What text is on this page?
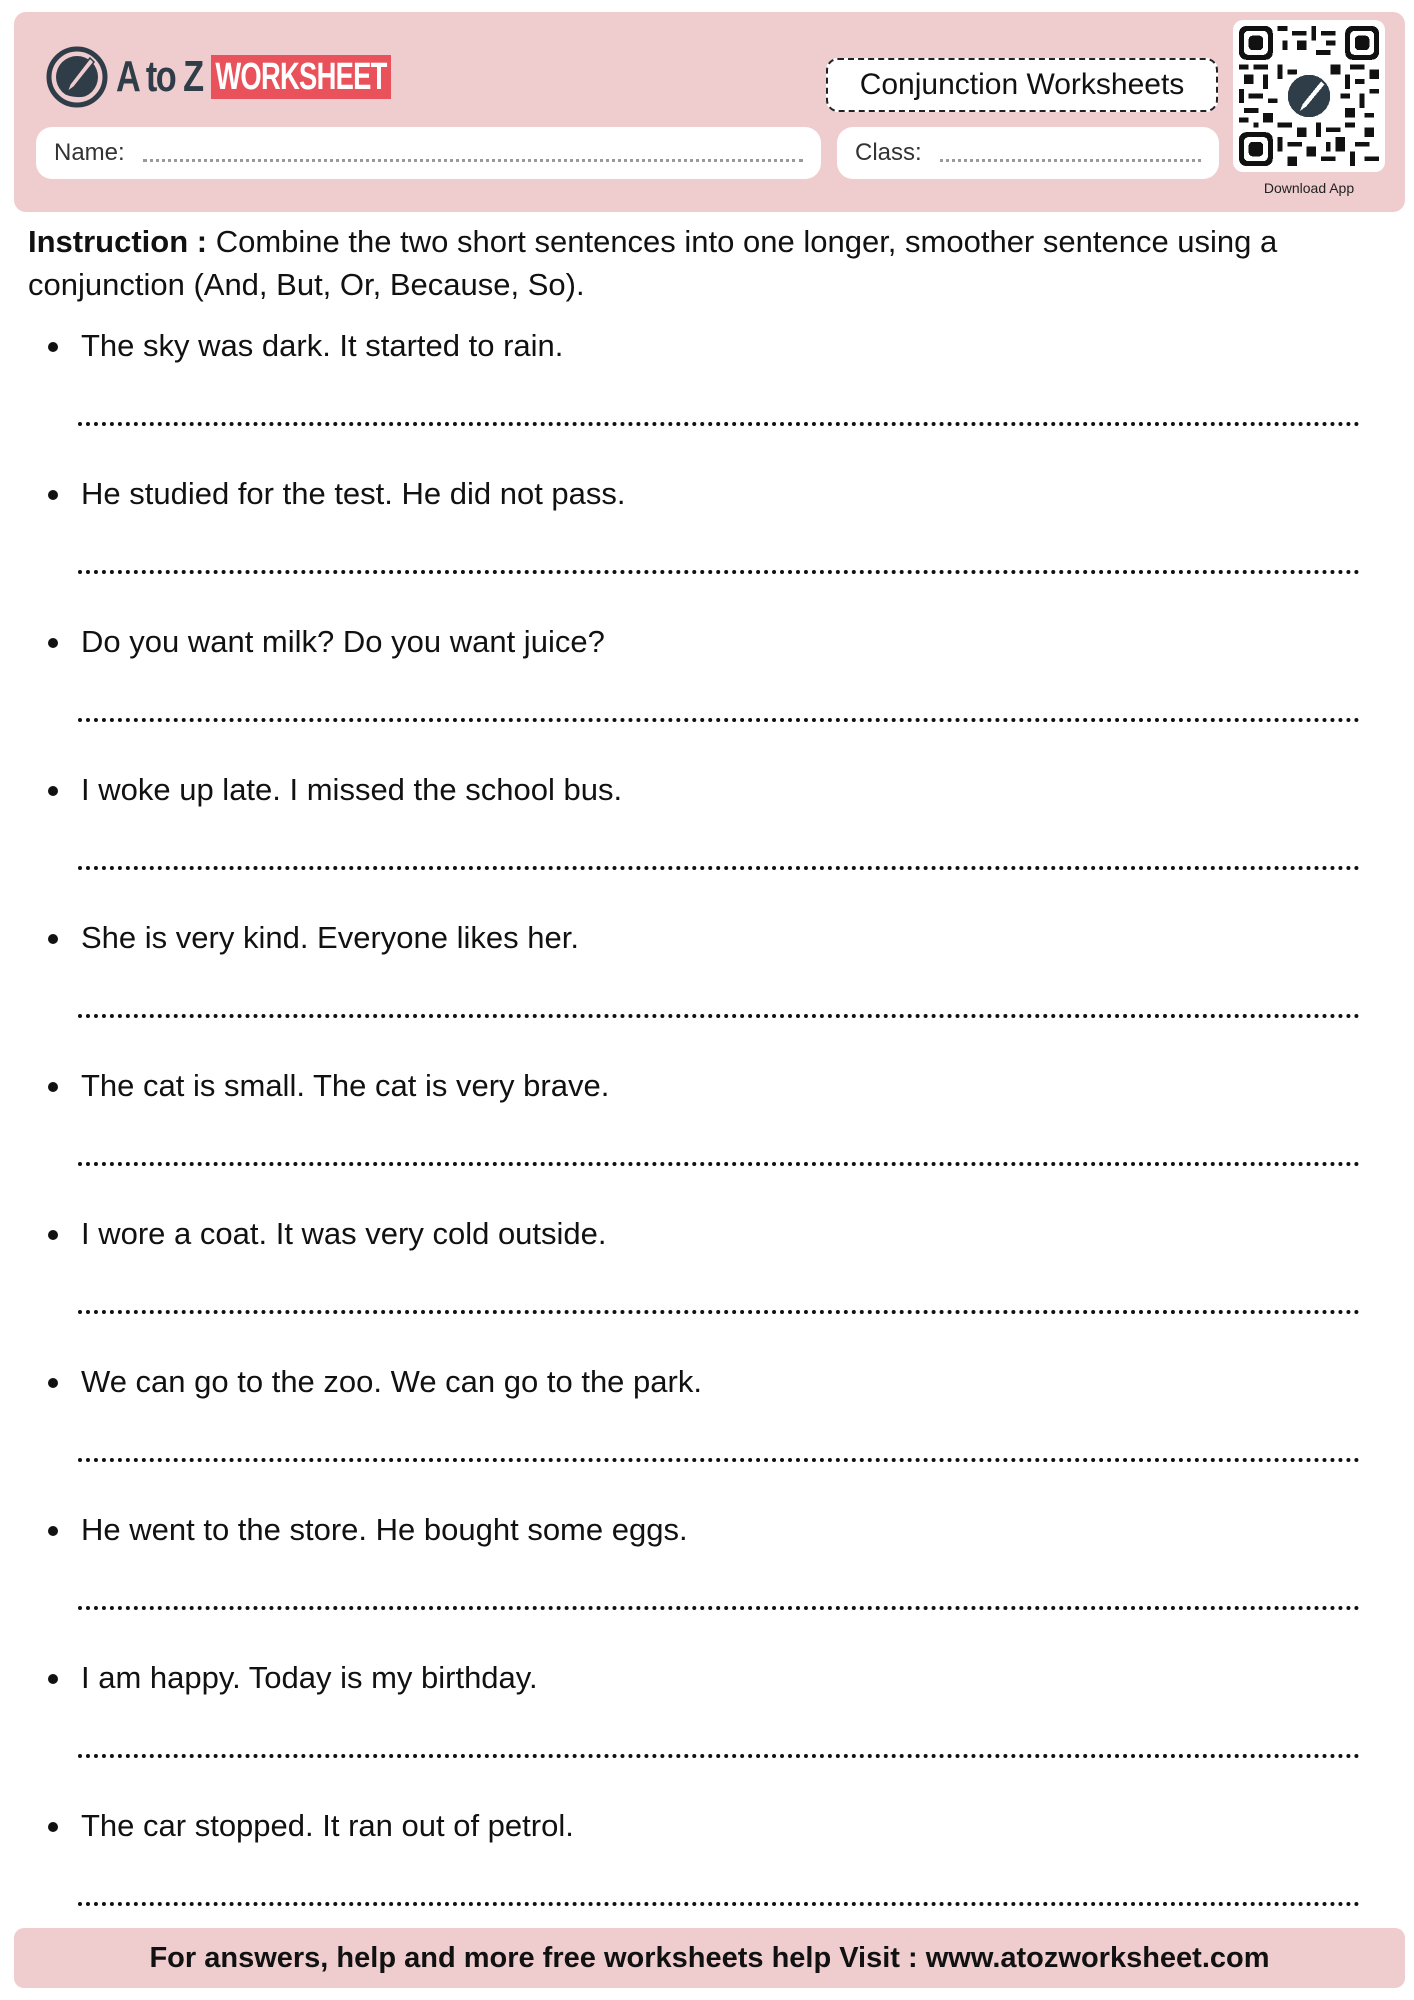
A to Z WORKSHEET	Conjunction Worksheets
Name:	Class:
Download App
Instruction : Combine the two short sentences into one longer, smoother sentence using a conjunction (And, But, Or, Because, So).
The sky was dark. It started to rain.
He studied for the test. He did not pass.
Do you want milk? Do you want juice?
I woke up late. I missed the school bus.
She is very kind. Everyone likes her.
The cat is small. The cat is very brave.
I wore a coat. It was very cold outside.
We can go to the zoo. We can go to the park.
He went to the store. He bought some eggs.
I am happy. Today is my birthday.
The car stopped. It ran out of petrol.
For answers, help and more free worksheets help Visit : www.atozworksheet.com
